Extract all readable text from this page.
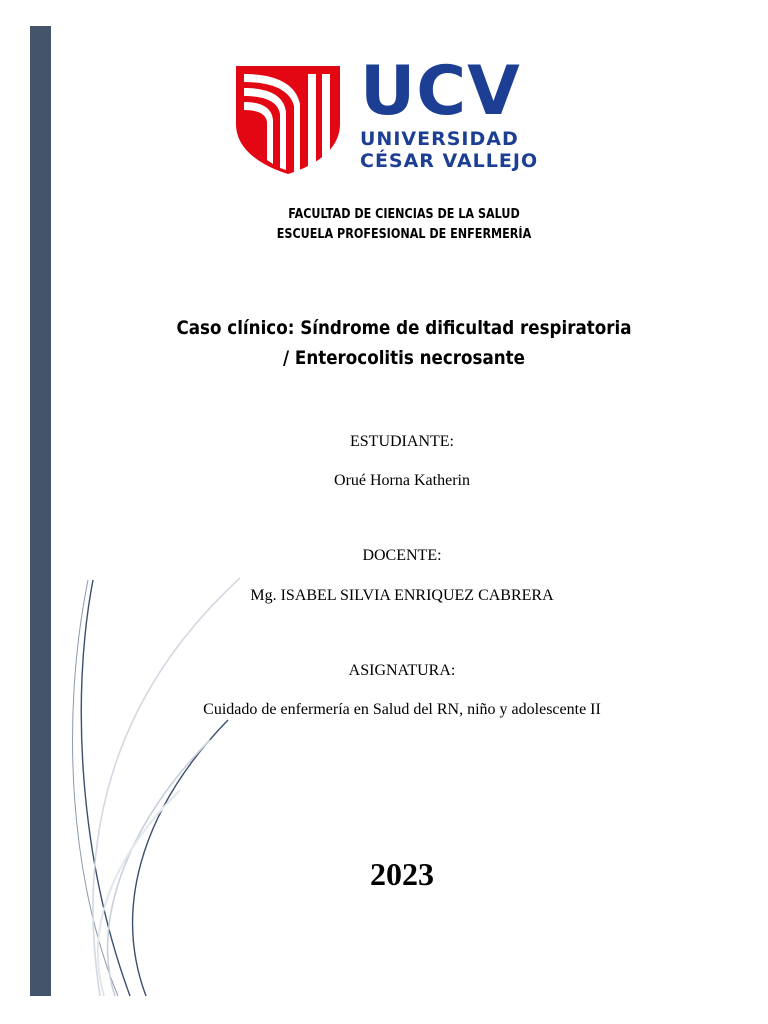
UCV
UNIVERSIDAD
CÉSAR VALLEJO
FACULTAD DE CIENCIAS DE LA SALUD
ESCUELA PROFESIONAL DE ENFERMERÍA
Caso clínico: Síndrome de dificultad respiratoria
/ Enterocolitis necrosante
ESTUDIANTE:
Orué Horna Katherin
DOCENTE:
Mg. ISABEL SILVIA ENRIQUEZ CABRERA
ASIGNATURA:
Cuidado de enfermería en Salud del RN, niño y adolescente II
2023
